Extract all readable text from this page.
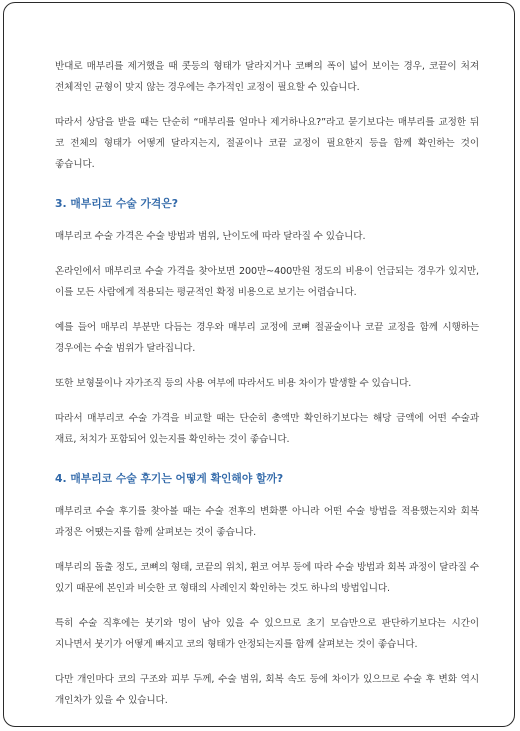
반대로 매부리를 제거했을 때 콧등의 형태가 달라지거나 코뼈의 폭이 넓어 보이는 경우, 코끝이 처져 전체적인 균형이 맞지 않는 경우에는 추가적인 교정이 필요할 수 있습니다.

따라서 상담을 받을 때는 단순히 “매부리를 얼마나 제거하나요?”라고 묻기보다는 매부리를 교정한 뒤 코 전체의 형태가 어떻게 달라지는지, 절골이나 코끝 교정이 필요한지 등을 함께 확인하는 것이 좋습니다.

3. 매부리코 수술 가격은?

매부리코 수술 가격은 수술 방법과 범위, 난이도에 따라 달라질 수 있습니다.

온라인에서 매부리코 수술 가격을 찾아보면 200만~400만원 정도의 비용이 언급되는 경우가 있지만, 이를 모든 사람에게 적용되는 평균적인 확정 비용으로 보기는 어렵습니다.

예를 들어 매부리 부분만 다듬는 경우와 매부리 교정에 코뼈 절골술이나 코끝 교정을 함께 시행하는 경우에는 수술 범위가 달라집니다.

또한 보형물이나 자가조직 등의 사용 여부에 따라서도 비용 차이가 발생할 수 있습니다.

따라서 매부리코 수술 가격을 비교할 때는 단순히 총액만 확인하기보다는 해당 금액에 어떤 수술과 재료, 처치가 포함되어 있는지를 확인하는 것이 좋습니다.

4. 매부리코 수술 후기는 어떻게 확인해야 할까?

매부리코 수술 후기를 찾아볼 때는 수술 전후의 변화뿐 아니라 어떤 수술 방법을 적용했는지와 회복 과정은 어땠는지를 함께 살펴보는 것이 좋습니다.

매부리의 돌출 정도, 코뼈의 형태, 코끝의 위치, 휜코 여부 등에 따라 수술 방법과 회복 과정이 달라질 수 있기 때문에 본인과 비슷한 코 형태의 사례인지 확인하는 것도 하나의 방법입니다.

특히 수술 직후에는 붓기와 멍이 남아 있을 수 있으므로 초기 모습만으로 판단하기보다는 시간이 지나면서 붓기가 어떻게 빠지고 코의 형태가 안정되는지를 함께 살펴보는 것이 좋습니다.

다만 개인마다 코의 구조와 피부 두께, 수술 범위, 회복 속도 등에 차이가 있으므로 수술 후 변화 역시 개인차가 있을 수 있습니다.
